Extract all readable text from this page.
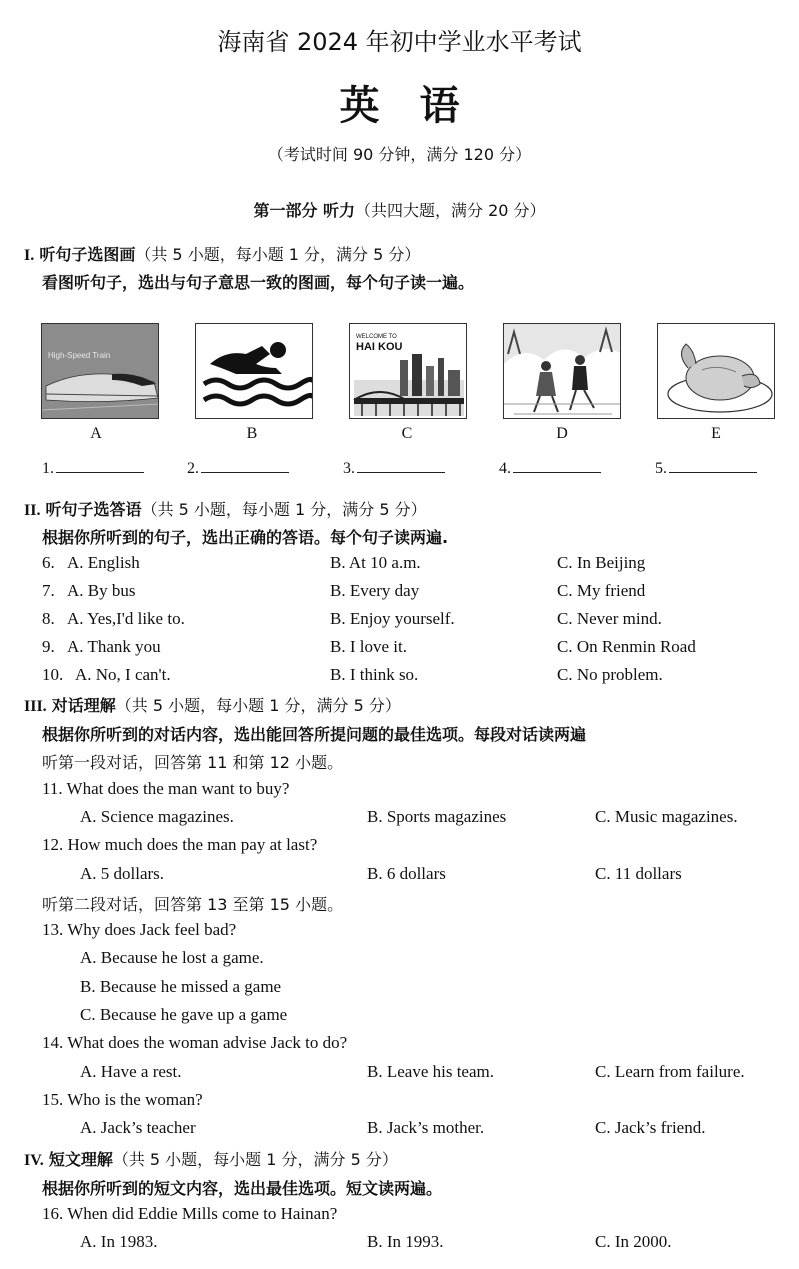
海南省 2024 年初中学业水平考试
英语
（考试时间 90 分钟，满分 120 分）
第一部分 听力（共四大题，满分 20 分）
I. 听句子选图画（共 5 小题，每小题 1 分，满分 5 分）
看图听句子，选出与句子意思一致的图画，每个句子读一遍。
High-Speed Train
WELCOME TO
HAI KOU
A	B	C	D	E
1.	2.	3.	4.	5.
II. 听句子选答语（共 5 小题，每小题 1 分，满分 5 分）
根据你所听到的句子，选出正确的答语。每个句子读两遍.
6. A. English	B. At 10 a.m.	C. In Beijing
7. A. By bus	B. Every day	C. My friend
8. A. Yes,I'd like to.	B. Enjoy yourself.	C. Never mind.
9. A. Thank you	B. I love it.	C. On Renmin Road
10. A. No, I can't.	B. I think so.	C. No problem.
III. 对话理解（共 5 小题，每小题 1 分，满分 5 分）
根据你所听到的对话内容，选出能回答所提问题的最佳选项。每段对话读两遍
听第一段对话，回答第 11 和第 12 小题。
11. What does the man want to buy?
A. Science magazines.	B. Sports magazines	C. Music magazines.
12. How much does the man pay at last?
A. 5 dollars.	B. 6 dollars	C. 11 dollars
听第二段对话，回答第 13 至第 15 小题。
13. Why does Jack feel bad?
A. Because he lost a game.
B. Because he missed a game
C. Because he gave up a game
14. What does the woman advise Jack to do?
A. Have a rest.	B. Leave his team.	C. Learn from failure.
15. Who is the woman?
A. Jack’s teacher	B. Jack’s mother.	C. Jack’s friend.
IV. 短文理解（共 5 小题，每小题 1 分，满分 5 分）
根据你所听到的短文内容，选出最佳选项。短文读两遍。
16. When did Eddie Mills come to Hainan?
A. In 1983.	B. In 1993.	C. In 2000.
